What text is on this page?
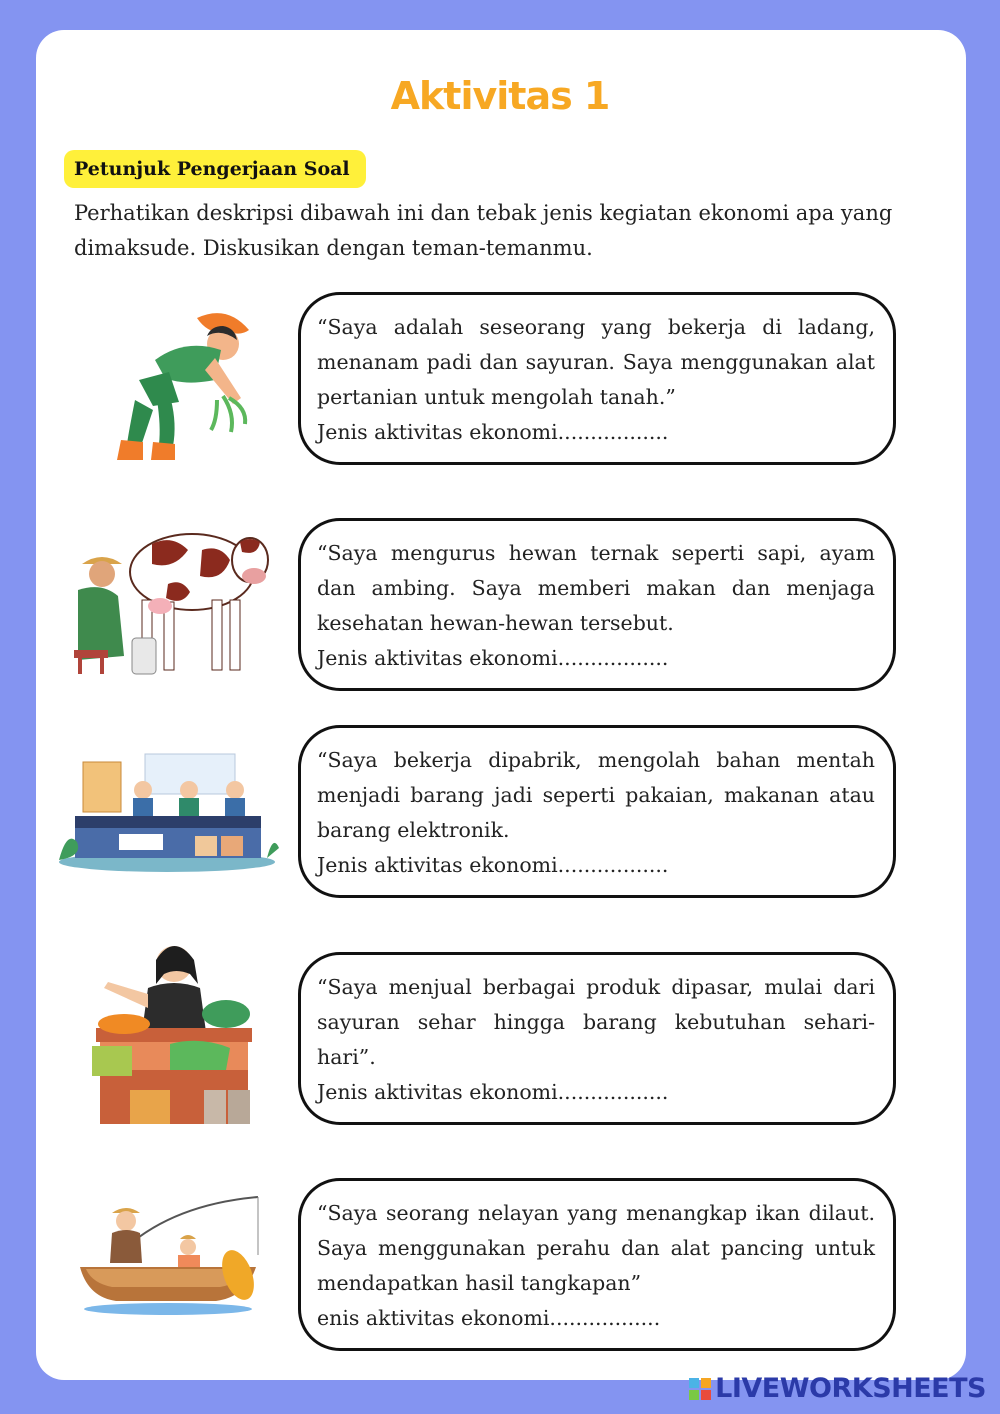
Aktivitas 1
Petunjuk Pengerjaan Soal
Perhatikan deskripsi dibawah ini dan tebak jenis kegiatan ekonomi apa yang dimaksude. Diskusikan dengan teman-temanmu.
“Saya adalah seseorang yang bekerja di ladang, menanam padi dan sayuran. Saya menggunakan alat pertanian untuk mengolah tanah.”
Jenis aktivitas ekonomi.................
“Saya mengurus hewan ternak seperti sapi, ayam dan ambing. Saya memberi makan dan menjaga kesehatan hewan-hewan tersebut.
Jenis aktivitas ekonomi.................
“Saya bekerja dipabrik, mengolah bahan mentah menjadi barang jadi seperti pakaian, makanan atau barang elektronik.
Jenis aktivitas ekonomi.................
“Saya menjual berbagai produk dipasar, mulai dari sayuran sehar hingga barang kebutuhan sehari-hari”.
Jenis aktivitas ekonomi.................
“Saya seorang nelayan yang menangkap ikan dilaut. Saya menggunakan perahu dan alat pancing untuk mendapatkan hasil tangkapan”
enis aktivitas ekonomi.................
LIVEWORKSHEETS
